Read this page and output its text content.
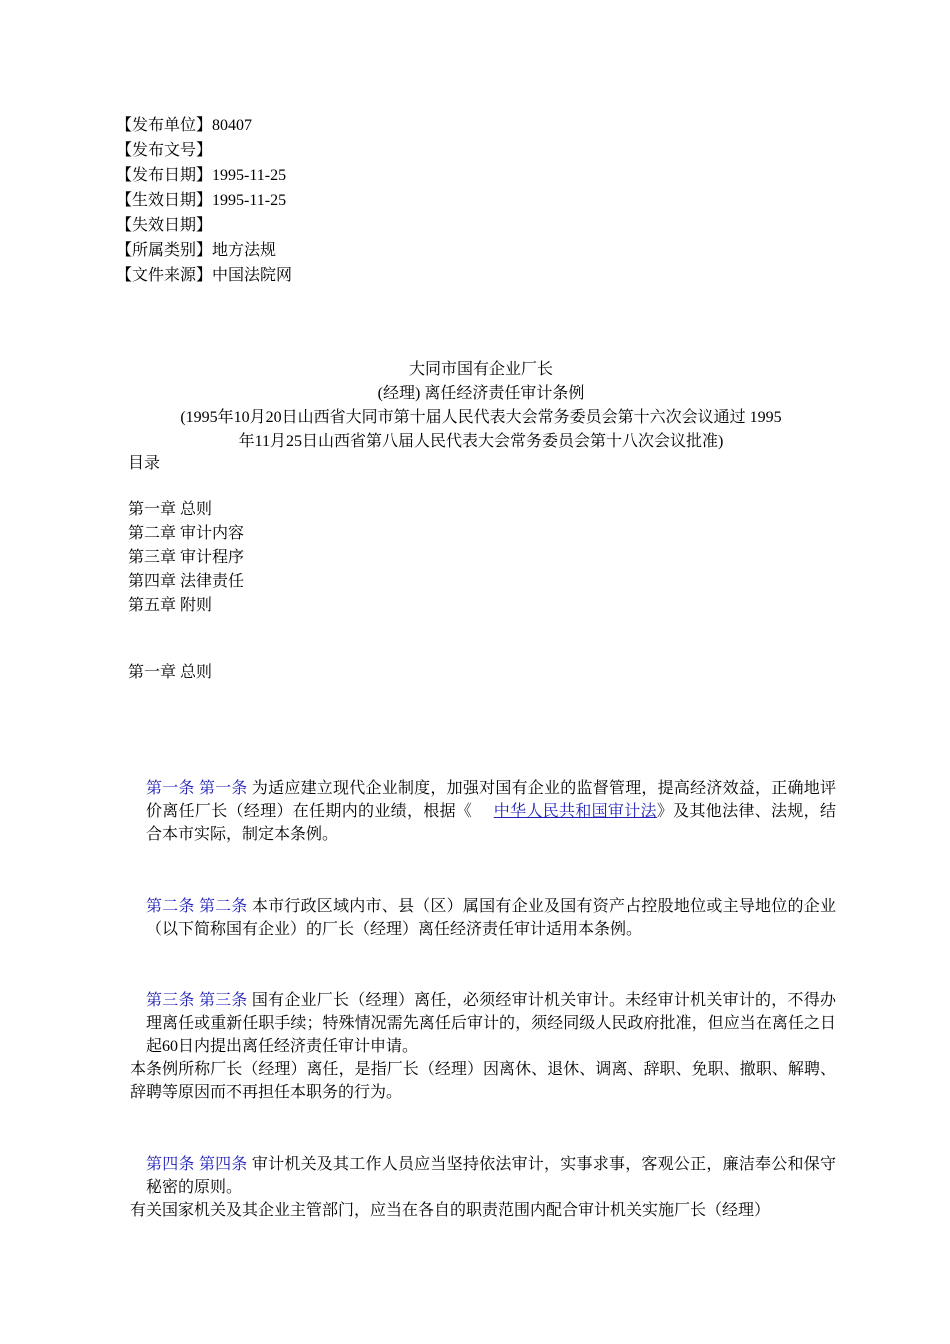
【发布单位】80407
【发布文号】
【发布日期】1995-11-25
【生效日期】1995-11-25
【失效日期】
【所属类别】地方法规
【文件来源】中国法院网
大同市国有企业厂长
(经理) 离任经济责任审计条例
(1995年10月20日山西省大同市第十届人民代表大会常务委员会第十六次会议通过 1995
年11月25日山西省第八届人民代表大会常务委员会第十八次会议批准)
目录
第一章 总则
第二章 审计内容
第三章 审计程序
第四章 法律责任
第五章 附则
第一章 总则

第一条 第一条 为适应建立现代企业制度，加强对国有企业的监督管理，提高经济效益，正确地评价离任厂长（经理）在任期内的业绩，根据《 中华人民共和国审计法》及其他法律、法规，结合本市实际，制定本条例。

第二条 第二条 本市行政区域内市、县（区）属国有企业及国有资产占控股地位或主导地位的企业（以下简称国有企业）的厂长（经理）离任经济责任审计适用本条例。

第三条 第三条 国有企业厂长（经理）离任，必须经审计机关审计。未经审计机关审计的，不得办理离任或重新任职手续；特殊情况需先离任后审计的，须经同级人民政府批准，但应当在离任之日起60日内提出离任经济责任审计申请。

本条例所称厂长（经理）离任，是指厂长（经理）因离休、退休、调离、辞职、免职、撤职、解聘、辞聘等原因而不再担任本职务的行为。

第四条 第四条 审计机关及其工作人员应当坚持依法审计，实事求事，客观公正，廉洁奉公和保守秘密的原则。

有关国家机关及其企业主管部门，应当在各自的职责范围内配合审计机关实施厂长（经理）
